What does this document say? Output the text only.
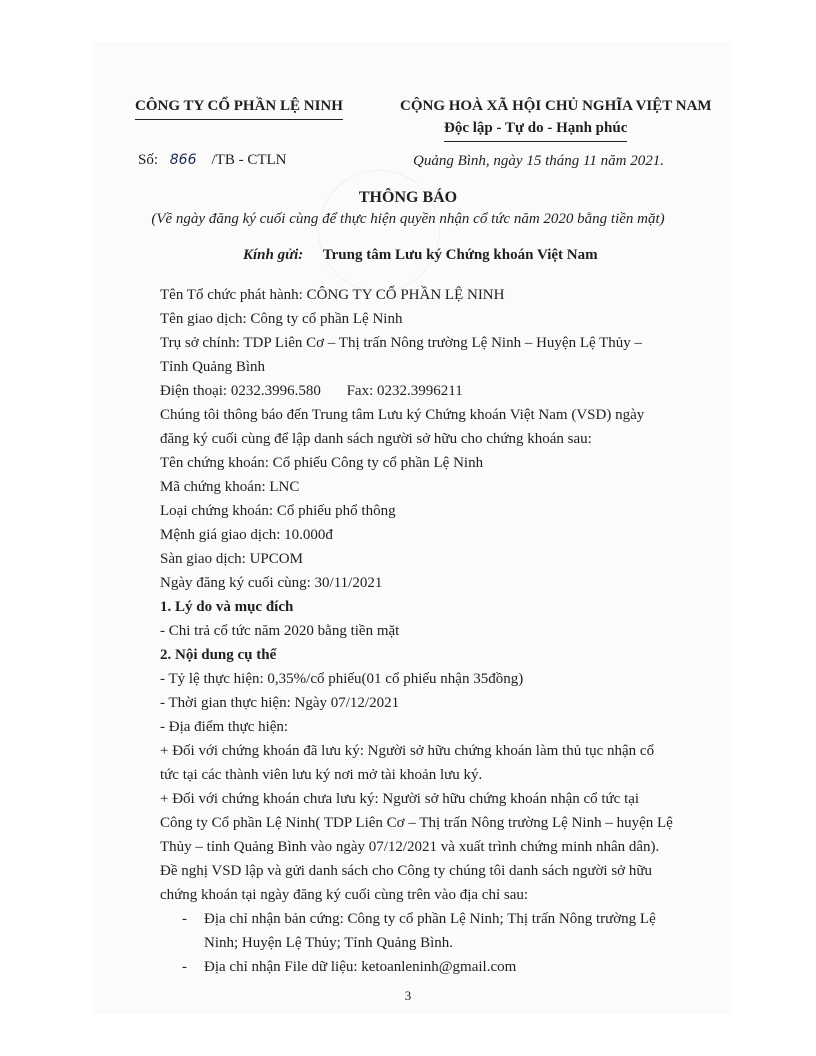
CÔNG TY CỔ PHẦN LỆ NINH	CỘNG HOÀ XÃ HỘI CHỦ NGHĨA VIỆT NAM
Độc lập - Tự do - Hạnh phúc
Số: 866 /TB - CTLN	Quảng Bình, ngày 15 tháng 11 năm 2021.
THÔNG BÁO
(Về ngày đăng ký cuối cùng để thực hiện quyền nhận cổ tức năm 2020 bằng tiền mặt)
Kính gửi: Trung tâm Lưu ký Chứng khoán Việt Nam
Tên Tổ chức phát hành: CÔNG TY CỔ PHẦN LỆ NINH
Tên giao dịch: Công ty cổ phần Lệ Ninh
Trụ sở chính: TDP Liên Cơ – Thị trấn Nông trường Lệ Ninh – Huyện Lệ Thủy –
Tỉnh Quảng Bình
Điện thoại: 0232.3996.580 Fax: 0232.3996211
Chúng tôi thông báo đến Trung tâm Lưu ký Chứng khoán Việt Nam (VSD) ngày
đăng ký cuối cùng để lập danh sách người sở hữu cho chứng khoán sau:
Tên chứng khoán: Cổ phiếu Công ty cổ phần Lệ Ninh
Mã chứng khoán: LNC
Loại chứng khoán: Cổ phiếu phổ thông
Mệnh giá giao dịch: 10.000đ
Sàn giao dịch: UPCOM
Ngày đăng ký cuối cùng: 30/11/2021
1. Lý do và mục đích
- Chi trả cổ tức năm 2020 bằng tiền mặt
2. Nội dung cụ thể
- Tỷ lệ thực hiện: 0,35%/cổ phiếu(01 cổ phiếu nhận 35đồng)
- Thời gian thực hiện: Ngày 07/12/2021
- Địa điểm thực hiện:
+ Đối với chứng khoán đã lưu ký: Người sở hữu chứng khoán làm thủ tục nhận cổ
tức tại các thành viên lưu ký nơi mở tài khoản lưu ký.
+ Đối với chứng khoán chưa lưu ký: Người sở hữu chứng khoán nhận cổ tức tại
Công ty Cổ phần Lệ Ninh( TDP Liên Cơ – Thị trấn Nông trường Lệ Ninh – huyện Lệ
Thủy – tỉnh Quảng Bình vào ngày 07/12/2021 và xuất trình chứng minh nhân dân).
Đề nghị VSD lập và gửi danh sách cho Công ty chúng tôi danh sách người sở hữu
chứng khoán tại ngày đăng ký cuối cùng trên vào địa chỉ sau:
- Địa chỉ nhận bản cứng: Công ty cổ phần Lệ Ninh; Thị trấn Nông trường Lệ
Ninh; Huyện Lệ Thủy; Tỉnh Quảng Bình.
- Địa chỉ nhận File dữ liệu: ketoanleninh@gmail.com
3
